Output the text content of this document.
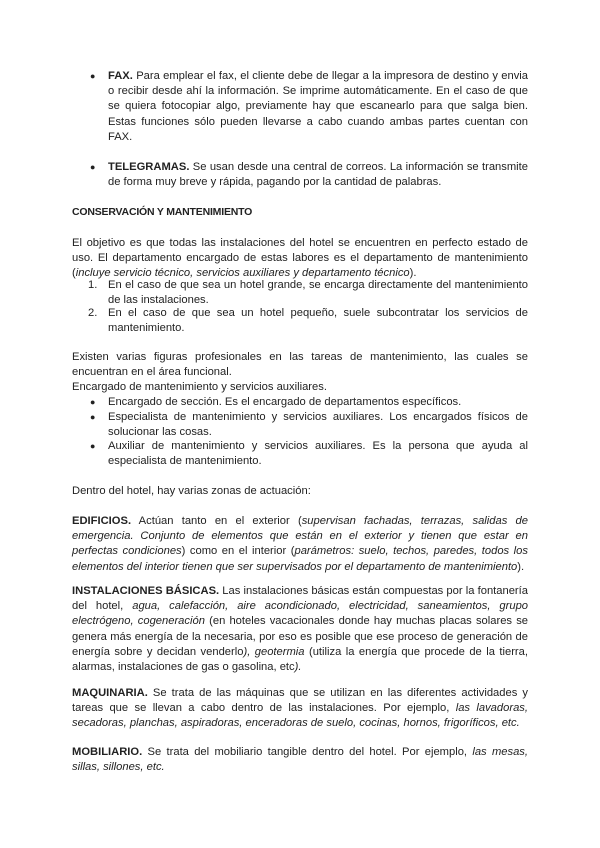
● FAX. Para emplear el fax, el cliente debe de llegar a la impresora de destino y envia o recibir desde ahí la información. Se imprime automáticamente. En el caso de que se quiera fotocopiar algo, previamente hay que escanearlo para que salga bien. Estas funciones sólo pueden llevarse a cabo cuando ambas partes cuentan con FAX.
● TELEGRAMAS. Se usan desde una central de correos. La información se transmite de forma muy breve y rápida, pagando por la cantidad de palabras.
CONSERVACIÓN Y MANTENIMIENTO
El objetivo es que todas las instalaciones del hotel se encuentren en perfecto estado de uso. El departamento encargado de estas labores es el departamento de mantenimiento (incluye servicio técnico, servicios auxiliares y departamento técnico).
1. En el caso de que sea un hotel grande, se encarga directamente del mantenimiento de las instalaciones.
2. En el caso de que sea un hotel pequeño, suele subcontratar los servicios de mantenimiento.
Existen varias figuras profesionales en las tareas de mantenimiento, las cuales se encuentran en el área funcional.
Encargado de mantenimiento y servicios auxiliares.
● Encargado de sección. Es el encargado de departamentos específicos.
● Especialista de mantenimiento y servicios auxiliares. Los encargados físicos de solucionar las cosas.
● Auxiliar de mantenimiento y servicios auxiliares. Es la persona que ayuda al especialista de mantenimiento.
Dentro del hotel, hay varias zonas de actuación:
EDIFICIOS. Actúan tanto en el exterior (supervisan fachadas, terrazas, salidas de emergencia. Conjunto de elementos que están en el exterior y tienen que estar en perfectas condiciones) como en el interior (parámetros: suelo, techos, paredes, todos los elementos del interior tienen que ser supervisados por el departamento de mantenimiento).
INSTALACIONES BÁSICAS. Las instalaciones básicas están compuestas por la fontanería del hotel, agua, calefacción, aire acondicionado, electricidad, saneamientos, grupo electrógeno, cogeneración (en hoteles vacacionales donde hay muchas placas solares se genera más energía de la necesaria, por eso es posible que ese proceso de generación de energía sobre y decidan venderlo), geotermia (utiliza la energía que procede de la tierra, alarmas, instalaciones de gas o gasolina, etc).
MAQUINARIA. Se trata de las máquinas que se utilizan en las diferentes actividades y tareas que se llevan a cabo dentro de las instalaciones. Por ejemplo, las lavadoras, secadoras, planchas, aspiradoras, enceradoras de suelo, cocinas, hornos, frigoríficos, etc.
MOBILIARIO. Se trata del mobiliario tangible dentro del hotel. Por ejemplo, las mesas, sillas, sillones, etc.
